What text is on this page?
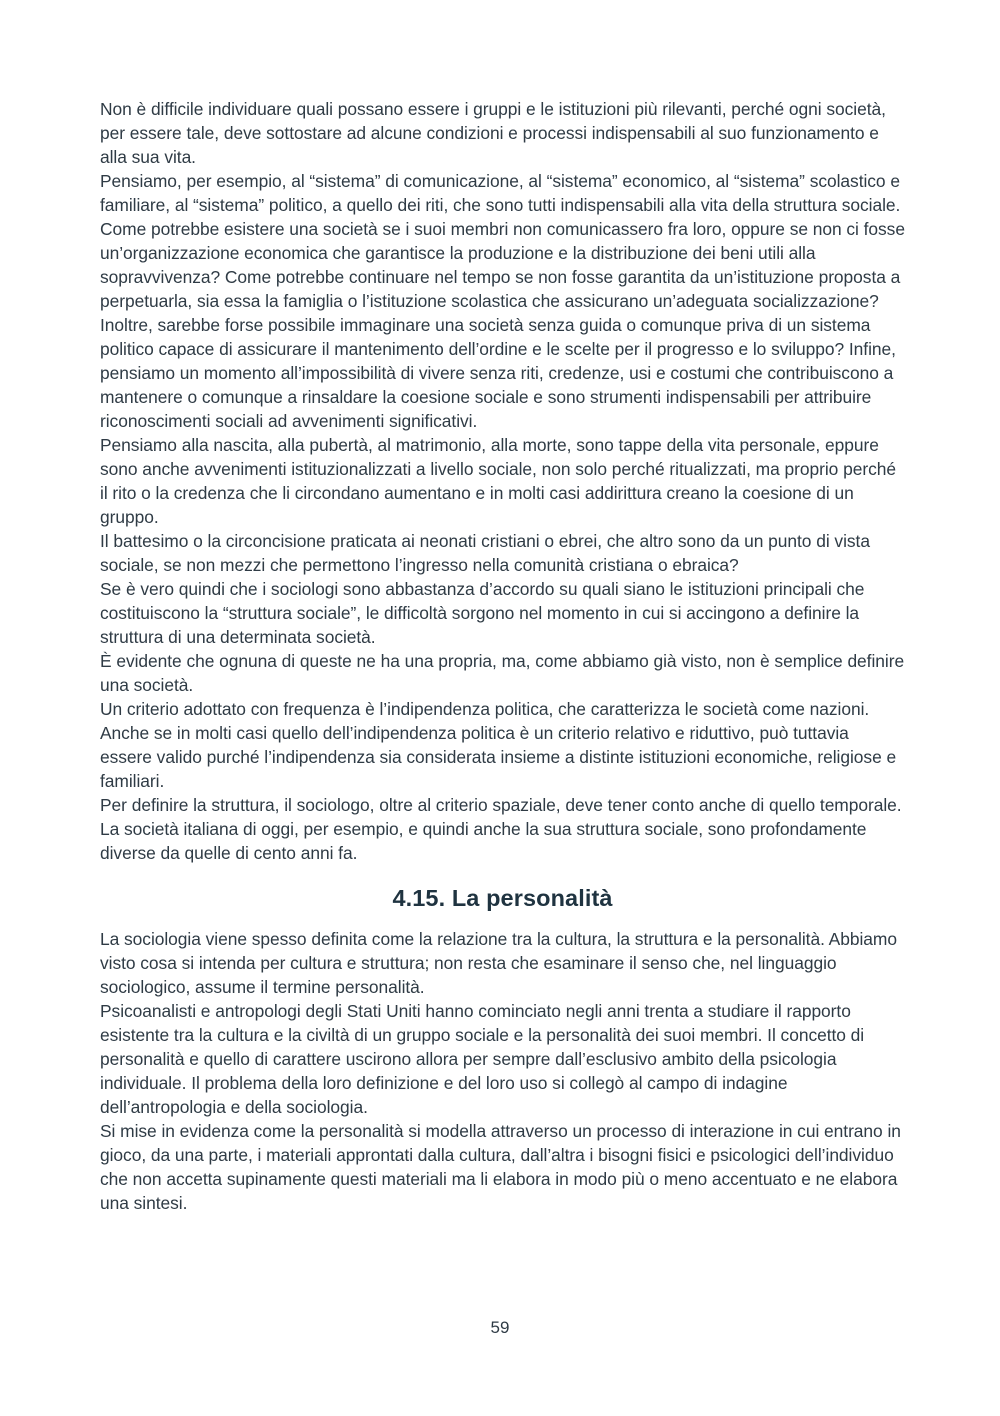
Non è difficile individuare quali possano essere i gruppi e le istituzioni più rilevanti, perché ogni società, per essere tale, deve sottostare ad alcune condizioni e processi indispensabili al suo funzionamento e alla sua vita.

Pensiamo, per esempio, al “sistema” di comunicazione, al “sistema” economico, al “sistema” scolastico e familiare, al “sistema” politico, a quello dei riti, che sono tutti indispensabili alla vita della struttura sociale.

Come potrebbe esistere una società se i suoi membri non comunicassero fra loro, oppure se non ci fosse un’organizzazione economica che garantisce la produzione e la distribuzione dei beni utili alla sopravvivenza? Come potrebbe continuare nel tempo se non fosse garantita da un’istituzione proposta a perpetuarla, sia essa la famiglia o l’istituzione scolastica che assicurano un’adeguata socializzazione? Inoltre, sarebbe forse possibile immaginare una società senza guida o comunque priva di un sistema politico capace di assicurare il mantenimento dell’ordine e le scelte per il progresso e lo sviluppo? Infine, pensiamo un momento all’impossibilità di vivere senza riti, credenze, usi e costumi che contribuiscono a mantenere o comunque a rinsaldare la coesione sociale e sono strumenti indispensabili per attribuire riconoscimenti sociali ad avvenimenti significativi.

Pensiamo alla nascita, alla pubertà, al matrimonio, alla morte, sono tappe della vita personale, eppure sono anche avvenimenti istituzionalizzati a livello sociale, non solo perché ritualizzati, ma proprio perché il rito o la credenza che li circondano aumentano e in molti casi addirittura creano la coesione di un gruppo.

Il battesimo o la circoncisione praticata ai neonati cristiani o ebrei, che altro sono da un punto di vista sociale, se non mezzi che permettono l’ingresso nella comunità cristiana o ebraica?

Se è vero quindi che i sociologi sono abbastanza d’accordo su quali siano le istituzioni principali che costituiscono la “struttura sociale”, le difficoltà sorgono nel momento in cui si accingono a definire la struttura di una determinata società.

È evidente che ognuna di queste ne ha una propria, ma, come abbiamo già visto, non è semplice definire una società.

Un criterio adottato con frequenza è l’indipendenza politica, che caratterizza le società come nazioni. Anche se in molti casi quello dell’indipendenza politica è un criterio relativo e riduttivo, può tuttavia essere valido purché l’indipendenza sia considerata insieme a distinte istituzioni economiche, religiose e familiari.

Per definire la struttura, il sociologo, oltre al criterio spaziale, deve tener conto anche di quello temporale. La società italiana di oggi, per esempio, e quindi anche la sua struttura sociale, sono profondamente diverse da quelle di cento anni fa.

4.15. La personalità

La sociologia viene spesso definita come la relazione tra la cultura, la struttura e la personalità. Abbiamo visto cosa si intenda per cultura e struttura; non resta che esaminare il senso che, nel linguaggio sociologico, assume il termine personalità.

Psicoanalisti e antropologi degli Stati Uniti hanno cominciato negli anni trenta a studiare il rapporto esistente tra la cultura e la civiltà di un gruppo sociale e la personalità dei suoi membri. Il concetto di personalità e quello di carattere uscirono allora per sempre dall’esclusivo ambito della psicologia individuale. Il problema della loro definizione e del loro uso si collegò al campo di indagine dell’antropologia e della sociologia.

Si mise in evidenza come la personalità si modella attraverso un processo di interazione in cui entrano in gioco, da una parte, i materiali approntati dalla cultura, dall’altra i bisogni fisici e psicologici dell’individuo che non accetta supinamente questi materiali ma li elabora in modo più o meno accentuato e ne elabora una sintesi.

59
